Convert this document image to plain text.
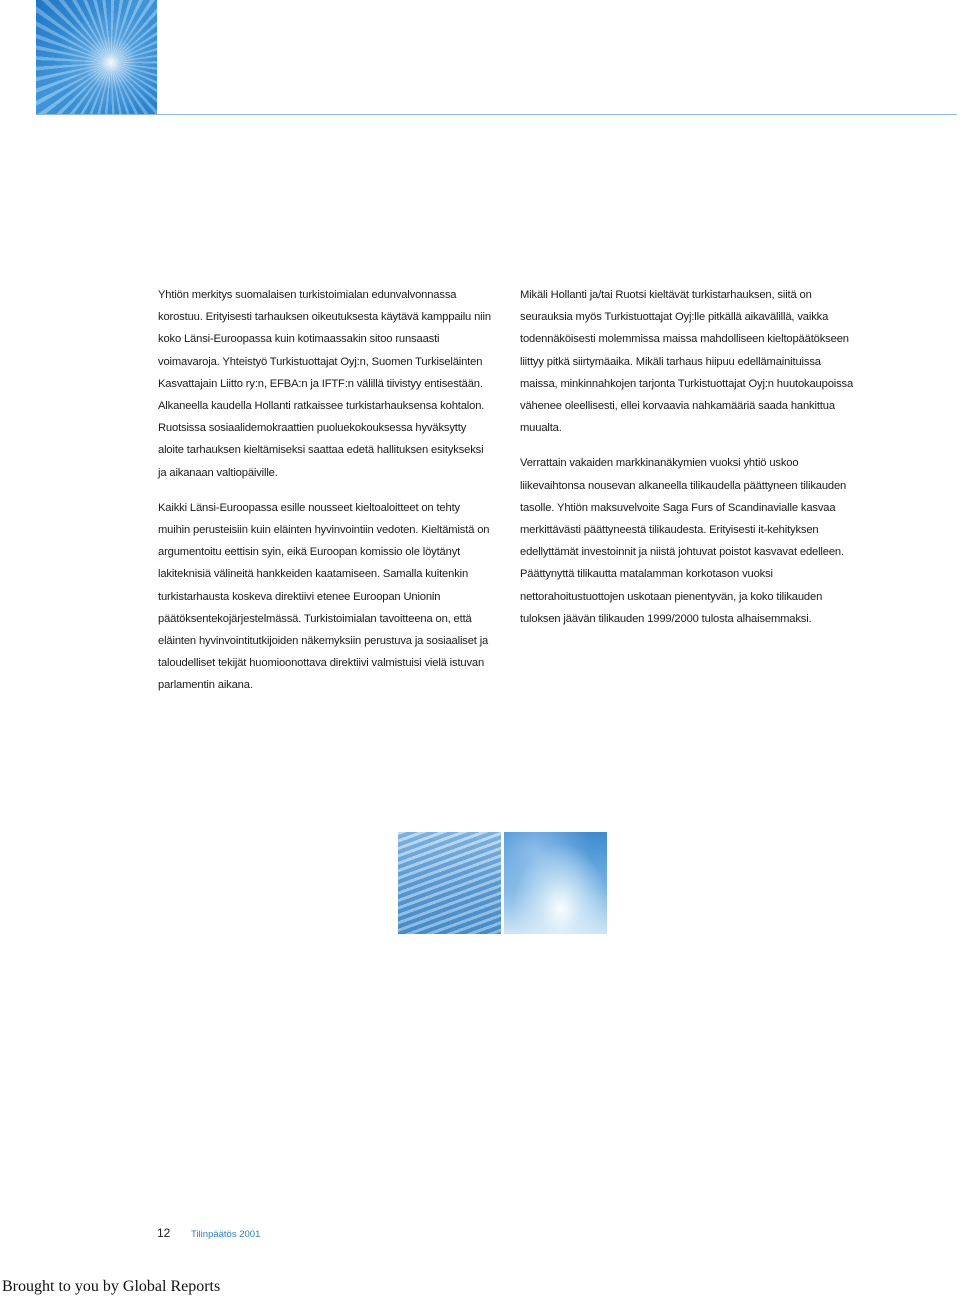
Yhtiön merkitys suomalaisen turkistoimialan edunvalvonnassa korostuu. Erityisesti tarhauksen oikeutuksesta käytävä kamppailu niin koko Länsi-Euroopassa kuin kotimaassakin sitoo runsaasti voimavaroja. Yhteistyö Turkistuottajat Oyj:n, Suomen Turkiseläinten Kasvattajain Liitto ry:n, EFBA:n ja IFTF:n välillä tiivistyy entisestään. Alkaneella kaudella Hollanti ratkaissee turkistarhauksensa kohtalon. Ruotsissa sosiaalidemokraattien puoluekokouksessa hyväksytty aloite tarhauksen kieltämiseksi saattaa edetä hallituksen esitykseksi ja aikanaan valtiopäiville.

Kaikki Länsi-Euroopassa esille nousseet kieltoaloitteet on tehty muihin perusteisiin kuin eläinten hyvinvointiin vedoten. Kieltämistä on argumentoitu eettisin syin, eikä Euroopan komissio ole löytänyt lakiteknisiä välineitä hankkeiden kaatamiseen. Samalla kuitenkin turkistarhausta koskeva direktiivi etenee Euroopan Unionin päätöksentekojärjestelmässä. Turkistoimialan tavoitteena on, että eläinten hyvinvointitutkijoiden näkemyksiin perustuva ja sosiaaliset ja taloudelliset tekijät huomioonottava direktiivi valmistuisi vielä istuvan parlamentin aikana.

Mikäli Hollanti ja/tai Ruotsi kieltävät turkistarhauksen, siitä on seurauksia myös Turkistuottajat Oyj:lle pitkällä aikavälillä, vaikka todennäköisesti molemmissa maissa mahdolliseen kieltopäätökseen liittyy pitkä siirtymäaika. Mikäli tarhaus hiipuu edellämainituissa maissa, minkinnahkojen tarjonta Turkistuottajat Oyj:n huutokaupoissa vähenee oleellisesti, ellei korvaavia nahkamääriä saada hankittua muualta.

Verrattain vakaiden markkinanäkymien vuoksi yhtiö uskoo liikevaihtonsa nousevan alkaneella tilikaudella päättyneen tilikauden tasolle. Yhtiön maksuvelvoite Saga Furs of Scandinavialle kasvaa merkittävästi päättyneestä tilikaudesta. Erityisesti it-kehityksen edellyttämät investoinnit ja niistä johtuvat poistot kasvavat edelleen. Päättynyttä tilikautta matalamman korkotason vuoksi nettorahoitustuottojen uskotaan pienentyvän, ja koko tilikauden tuloksen jäävän tilikauden 1999/2000 tulosta alhaisemmaksi.

12	Tilinpäätös 2001
Brought to you by Global Reports
